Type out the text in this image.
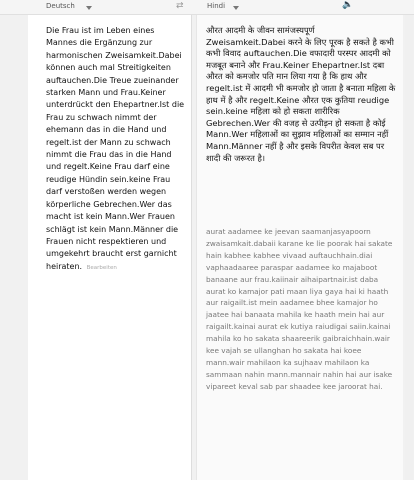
Deutsch	⇄	Hindi	🔈
Die Frau ist im Leben eines Mannes die Ergänzung zur harmonischen Zweisamkeit.Dabei können auch mal Streitigkeiten auftauchen.Die Treue zueinander starken Mann und Frau.Keiner unterdrückt den Ehepartner.Ist die Frau zu schwach nimmt der ehemann das in die Hand und regelt.ist der Mann zu schwach nimmt die Frau das in die Hand und regelt.Keine Frau darf eine reudige Hündin sein.keine Frau darf verstoßen werden wegen körperliche Gebrechen.Wer das macht ist kein Mann.Wer Frauen schlägt ist kein Mann.Männer die Frauen nicht respektieren und umgekehrt braucht erst garnicht heiraten. Bearbeiten
औरत आदमी के जीवन सामंजस्यपूर्ण Zweisamkeit.Dabei करने के लिए पूरक है सकते है कभी कभी विवाद auftauchen.Die वफादारी परस्पर आदमी को मजबूत बनाने और Frau.Keiner Ehepartner.Ist दबा औरत को कमजोर पति मान लिया गया है कि हाथ और regelt.ist में आदमी भी कमजोर हो जाता है बनाता महिला के हाथ में है और regelt.Keine औरत एक कुतिया reudige sein.keine महिला को हो सकता शारीरिक Gebrechen.Wer की वजह से उत्पीड़न हो सकता है कोई Mann.Wer महिलाओं का सुझाव महिलाओं का सम्मान नहीं Mann.Männer नहीं है और इसके विपरीत केवल सब पर शादी की जरूरत है।
aurat aadamee ke jeevan saamanjasyapoorn zwaisamkait.dabaii karane ke lie poorak hai sakate hain kabhee kabhee vivaad auftauchhain.diai vaphaadaaree paraspar aadamee ko majaboot banaane aur frau.kaiinair aihaipartnair.ist daba aurat ko kamajor pati maan liya gaya hai ki haath aur raigailt.ist mein aadamee bhee kamajor ho jaatee hai banaata mahila ke haath mein hai aur raigailt.kainai aurat ek kutiya raiudigai saiin.kainai mahila ko ho sakata shaareerik gaibraichhain.wair kee vajah se ullanghan ho sakata hai koee mann.wair mahilaon ka sujhaav mahilaon ka sammaan nahin mann.mannair nahin hai aur isake vipareet keval sab par shaadee kee jaroorat hai.
